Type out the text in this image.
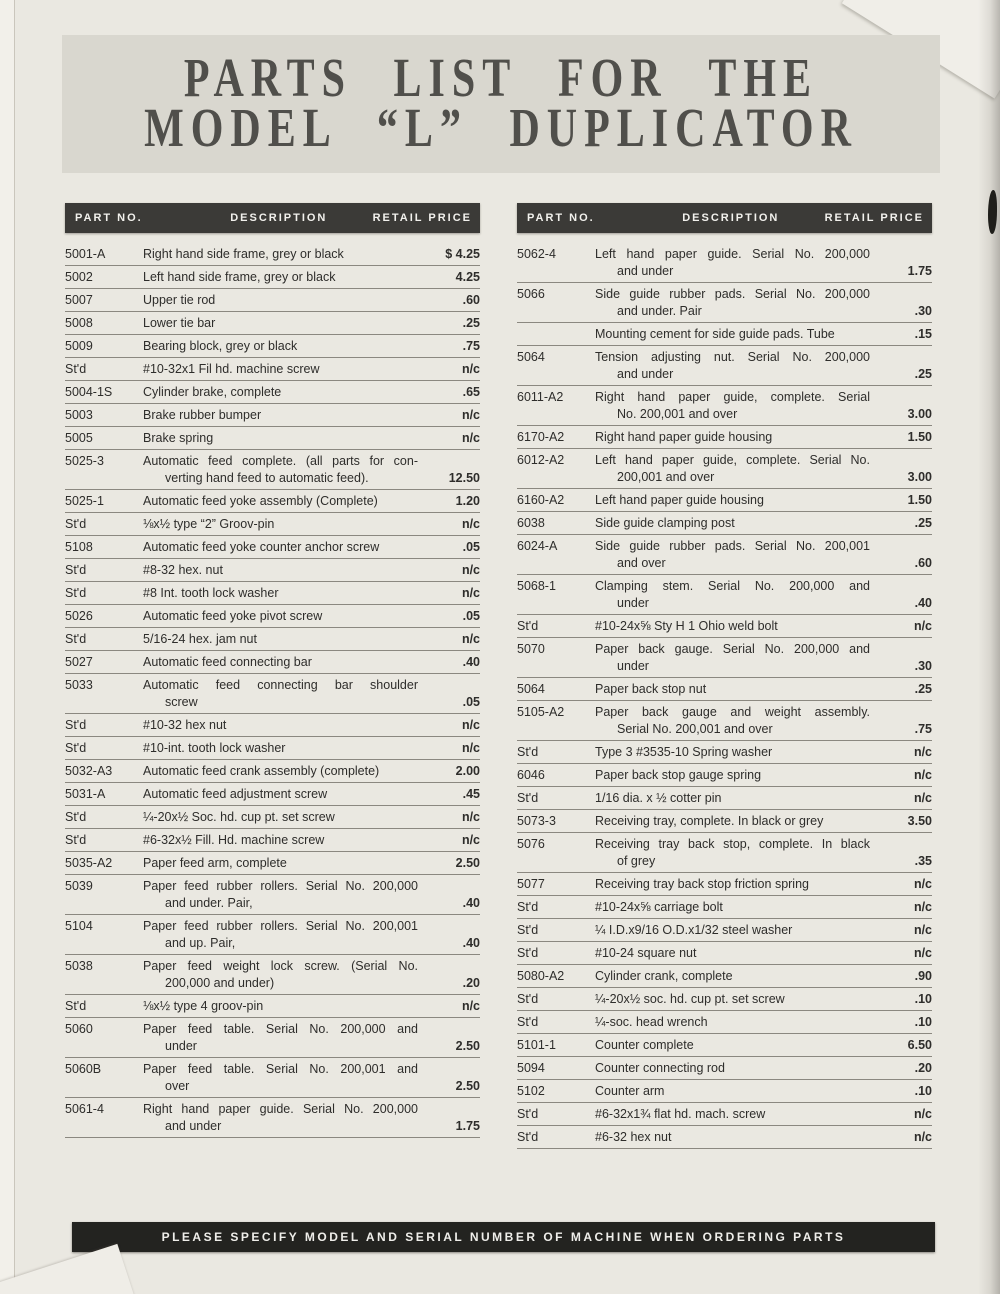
PARTS LIST FOR THE
MODEL “L” DUPLICATOR
PART NO.	DESCRIPTION	RETAIL PRICE
5001-A	Right hand side frame, grey or black	$ 4.25
5002	Left hand side frame, grey or black	4.25
5007	Upper tie rod	.60
5008	Lower tie bar	.25
5009	Bearing block, grey or black	.75
St'd	#10-32x1 Fil hd. machine screw	n/c
5004-1S	Cylinder brake, complete	.65
5003	Brake rubber bumper	n/c
5005	Brake spring	n/c
5025-3	Automatic feed complete. (all parts for con-
verting hand feed to automatic feed).	12.50
5025-1	Automatic feed yoke assembly (Complete)	1.20
St'd	⅛x½ type “2” Groov-pin	n/c
5108	Automatic feed yoke counter anchor screw	.05
St'd	#8-32 hex. nut	n/c
St'd	#8 Int. tooth lock washer	n/c
5026	Automatic feed yoke pivot screw	.05
St'd	5/16-24 hex. jam nut	n/c
5027	Automatic feed connecting bar	.40
5033	Automatic feed connecting bar shoulder
screw	.05
St'd	#10-32 hex nut	n/c
St'd	#10-int. tooth lock washer	n/c
5032-A3	Automatic feed crank assembly (complete)	2.00
5031-A	Automatic feed adjustment screw	.45
St'd	¼-20x½ Soc. hd. cup pt. set screw	n/c
St'd	#6-32x½ Fill. Hd. machine screw	n/c
5035-A2	Paper feed arm, complete	2.50
5039	Paper feed rubber rollers. Serial No. 200,000
and under. Pair,	.40
5104	Paper feed rubber rollers. Serial No. 200,001
and up. Pair,	.40
5038	Paper feed weight lock screw. (Serial No.
200,000 and under)	.20
St'd	⅛x½ type 4 groov-pin	n/c
5060	Paper feed table. Serial No. 200,000 and
under	2.50
5060B	Paper feed table. Serial No. 200,001 and
over	2.50
5061-4	Right hand paper guide. Serial No. 200,000
and under	1.75
PART NO.	DESCRIPTION	RETAIL PRICE
5062-4	Left hand paper guide. Serial No. 200,000
and under	1.75
5066	Side guide rubber pads. Serial No. 200,000
and under. Pair	.30
Mounting cement for side guide pads. Tube	.15
5064	Tension adjusting nut. Serial No. 200,000
and under	.25
6011-A2	Right hand paper guide, complete. Serial
No. 200,001 and over	3.00
6170-A2	Right hand paper guide housing	1.50
6012-A2	Left hand paper guide, complete. Serial No.
200,001 and over	3.00
6160-A2	Left hand paper guide housing	1.50
6038	Side guide clamping post	.25
6024-A	Side guide rubber pads. Serial No. 200,001
and over	.60
5068-1	Clamping stem. Serial No. 200,000 and
under	.40
St'd	#10-24x⅝ Sty H 1 Ohio weld bolt	n/c
5070	Paper back gauge. Serial No. 200,000 and
under	.30
5064	Paper back stop nut	.25
5105-A2	Paper back gauge and weight assembly.
Serial No. 200,001 and over	.75
St'd	Type 3 #3535-10 Spring washer	n/c
6046	Paper back stop gauge spring	n/c
St'd	1/16 dia. x ½ cotter pin	n/c
5073-3	Receiving tray, complete. In black or grey	3.50
5076	Receiving tray back stop, complete. In black
of grey	.35
5077	Receiving tray back stop friction spring	n/c
St'd	#10-24x⅝ carriage bolt	n/c
St'd	¼ I.D.x9/16 O.D.x1/32 steel washer	n/c
St'd	#10-24 square nut	n/c
5080-A2	Cylinder crank, complete	.90
St'd	¼-20x½ soc. hd. cup pt. set screw	.10
St'd	¼-soc. head wrench	.10
5101-1	Counter complete	6.50
5094	Counter connecting rod	.20
5102	Counter arm	.10
St'd	#6-32x1¾ flat hd. mach. screw	n/c
St'd	#6-32 hex nut	n/c
PLEASE SPECIFY MODEL AND SERIAL NUMBER OF MACHINE WHEN ORDERING PARTS
